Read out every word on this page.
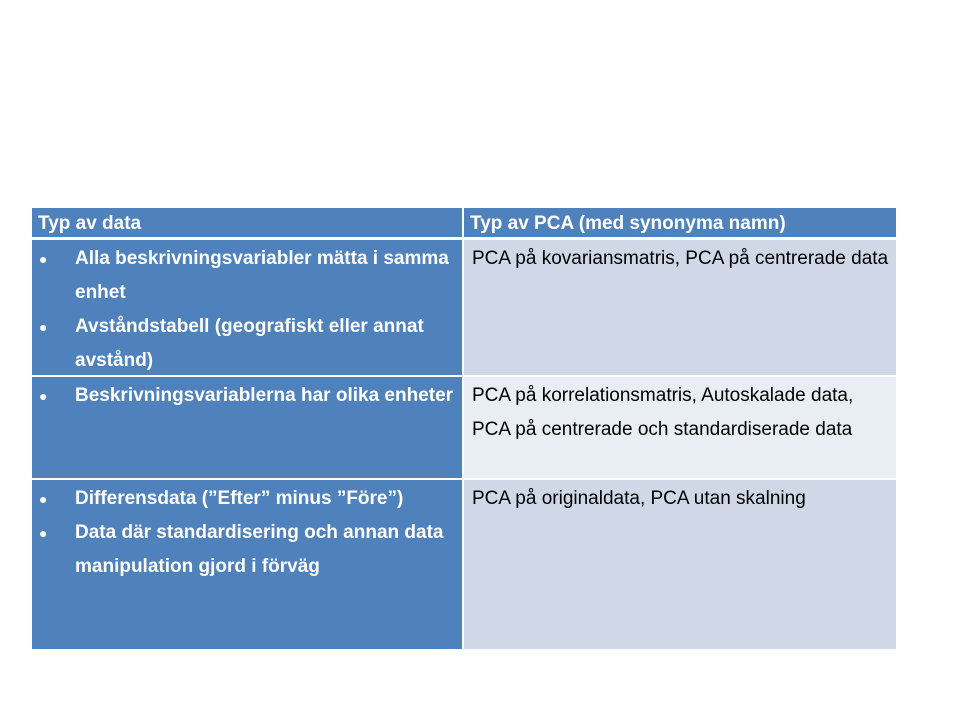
Typ av data	Typ av PCA (med synonyma namn)
● Alla beskrivningsvariabler mätta i samma enhet
● Avståndstabell (geografiskt eller annat avstånd)
PCA på kovariansmatris, PCA på centrerade data
● Beskrivningsvariablerna har olika enheter PCA på korrelationsmatris, Autoskalade data, PCA på centrerade och standardiserade data
● Differensdata (”Efter” minus ”Före”)
● Data där standardisering och annan data manipulation gjord i förväg
PCA på originaldata, PCA utan skalning
